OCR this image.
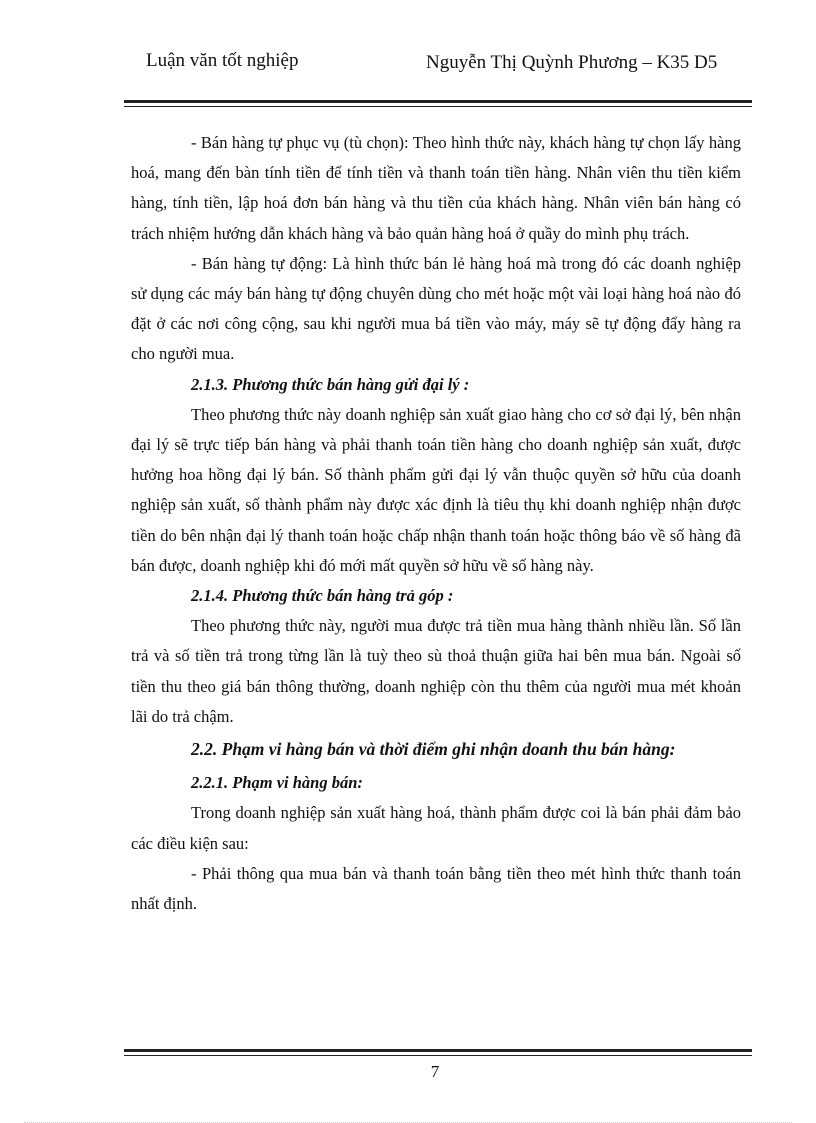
Luận văn tốt nghiệp	Nguyễn Thị Quỳnh Phương – K35 D5

- Bán hàng tự phục vụ (tù chọn): Theo hình thức này, khách hàng tự chọn lấy hàng hoá, mang đến bàn tính tiền để tính tiền và thanh toán tiền hàng. Nhân viên thu tiền kiểm hàng, tính tiền, lập hoá đơn bán hàng và thu tiền của khách hàng. Nhân viên bán hàng có trách nhiệm hướng dẫn khách hàng và bảo quản hàng hoá ở quầy do mình phụ trách.

- Bán hàng tự động: Là hình thức bán lẻ hàng hoá mà trong đó các doanh nghiệp sử dụng các máy bán hàng tự động chuyên dùng cho mét hoặc một vài loại hàng hoá nào đó đặt ở các nơi công cộng, sau khi người mua bá tiền vào máy, máy sẽ tự động đẩy hàng ra cho người mua.

2.1.3. Phương thức bán hàng gửi đại lý :

Theo phương thức này doanh nghiệp sản xuất giao hàng cho cơ sở đại lý, bên nhận đại lý sẽ trực tiếp bán hàng và phải thanh toán tiền hàng cho doanh nghiệp sản xuất, được hưởng hoa hồng đại lý bán. Số thành phẩm gửi đại lý vẫn thuộc quyền sở hữu của doanh nghiệp sản xuất, số thành phẩm này được xác định là tiêu thụ khi doanh nghiệp nhận được tiền do bên nhận đại lý thanh toán hoặc chấp nhận thanh toán hoặc thông báo về số hàng đã bán được, doanh nghiệp khi đó mới mất quyền sở hữu về số hàng này.

2.1.4. Phương thức bán hàng trả góp :

Theo phương thức này, người mua được trả tiền mua hàng thành nhiều lần. Số lần trả và số tiền trả trong từng lần là tuỳ theo sù thoả thuận giữa hai bên mua bán. Ngoài số tiền thu theo giá bán thông thường, doanh nghiệp còn thu thêm của người mua mét khoản lãi do trả chậm.

2.2. Phạm vi hàng bán và thời điểm ghi nhận doanh thu bán hàng:

2.2.1. Phạm vi hàng bán:

Trong doanh nghiệp sản xuất hàng hoá, thành phẩm được coi là bán phải đảm bảo các điều kiện sau:

- Phải thông qua mua bán và thanh toán bằng tiền theo mét hình thức thanh toán nhất định.

7
